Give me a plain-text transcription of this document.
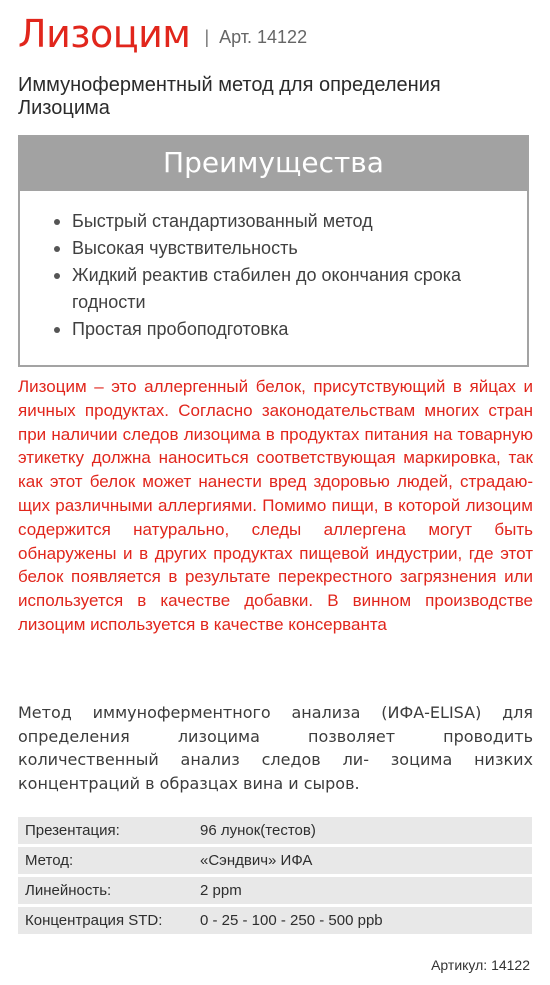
Лизоцим | Арт. 14122
Иммуноферментный метод для определения Лизоцима
Преимущества
Быстрый стандартизованный метод
Высокая чувствительность
Жидкий реактив стабилен до окончания срока годности
Простая пробоподготовка
Лизоцим – это аллергенный белок, присутствующий в яйцах и яичных продуктах. Согласно законодательствам многих стран при наличии следов лизоцима в продуктах питания на товарную этикетку должна наноситься соответствующая маркировка, так как этот белок может нанести вред здоровью людей, страдающих различными аллергиями. Помимо пищи, в которой лизоцим содержится натурально, следы аллергена могут быть обнаружены и в других продуктах пищевой индустрии, где этот белок появляется в результате перекрестного загрязнения или используется в качестве добавки. В винном производстве лизоцим используется в качестве консерванта
Метод иммуноферментного анализа (ИФА-ELISA) для определения лизоцима позволяет проводить количественный анализ следов ли- зоцима низких концентраций в образцах вина и сыров.
Презентация:	96 лунок(тестов)
Метод:	«Сэндвич» ИФА
Линейность:	2 ppm
Концентрация STD:	0 - 25 - 100 - 250 - 500 ppb
Артикул: 14122
